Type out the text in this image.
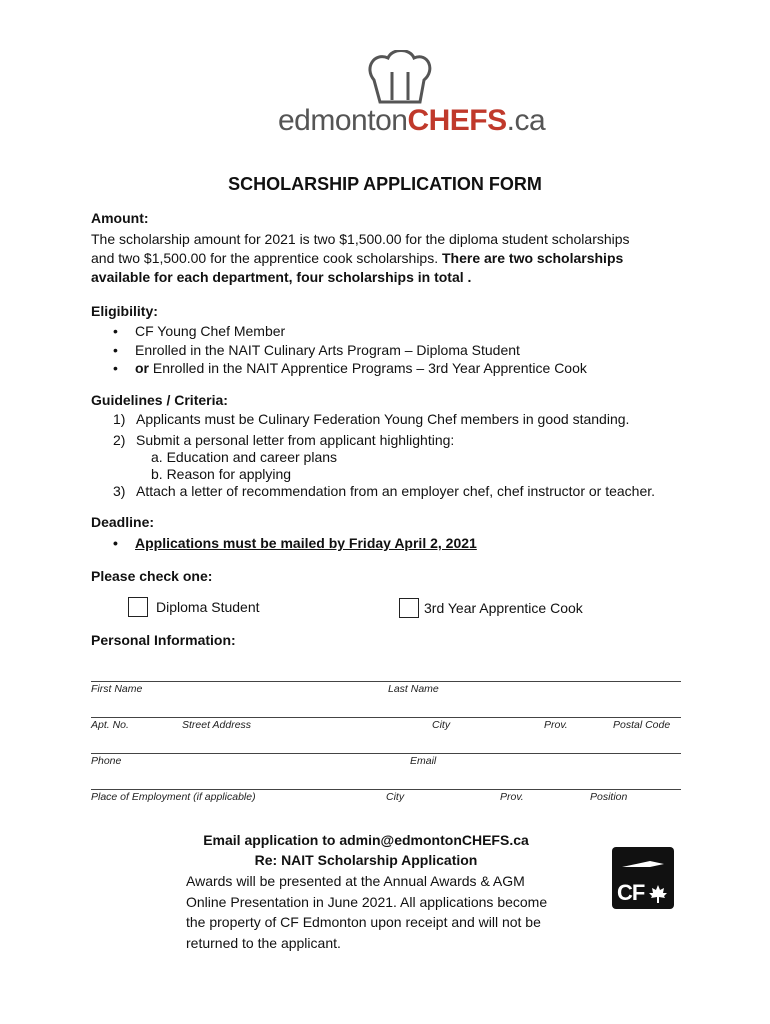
edmontonCHEFS.ca
SCHOLARSHIP APPLICATION FORM
Amount:
The scholarship amount for 2021 is two $1,500.00 for the diploma student scholarships
and two $1,500.00 for the apprentice cook scholarships. There are two scholarships
available for each department, four scholarships in total .
Eligibility:
• CF Young Chef Member
• Enrolled in the NAIT Culinary Arts Program – Diploma Student
• or Enrolled in the NAIT Apprentice Programs – 3rd Year Apprentice Cook
Guidelines / Criteria:
1) Applicants must be Culinary Federation Young Chef members in good standing.
2) Submit a personal letter from applicant highlighting:
a. Education and career plans
b. Reason for applying
3) Attach a letter of recommendation from an employer chef, chef instructor or teacher.
Deadline:
• Applications must be mailed by Friday April 2, 2021
Please check one:
Diploma Student	3rd Year Apprentice Cook
Personal Information:
First Name	Last Name
Apt. No.	Street Address	City	Prov.	Postal Code
Phone	Email
Place of Employment (if applicable)	City	Prov.	Position
Email application to admin@edmontonCHEFS.ca
Re: NAIT Scholarship Application
Awards will be presented at the Annual Awards & AGM
Online Presentation in June 2021. All applications become
the property of CF Edmonton upon receipt and will not be
returned to the applicant.
CF
